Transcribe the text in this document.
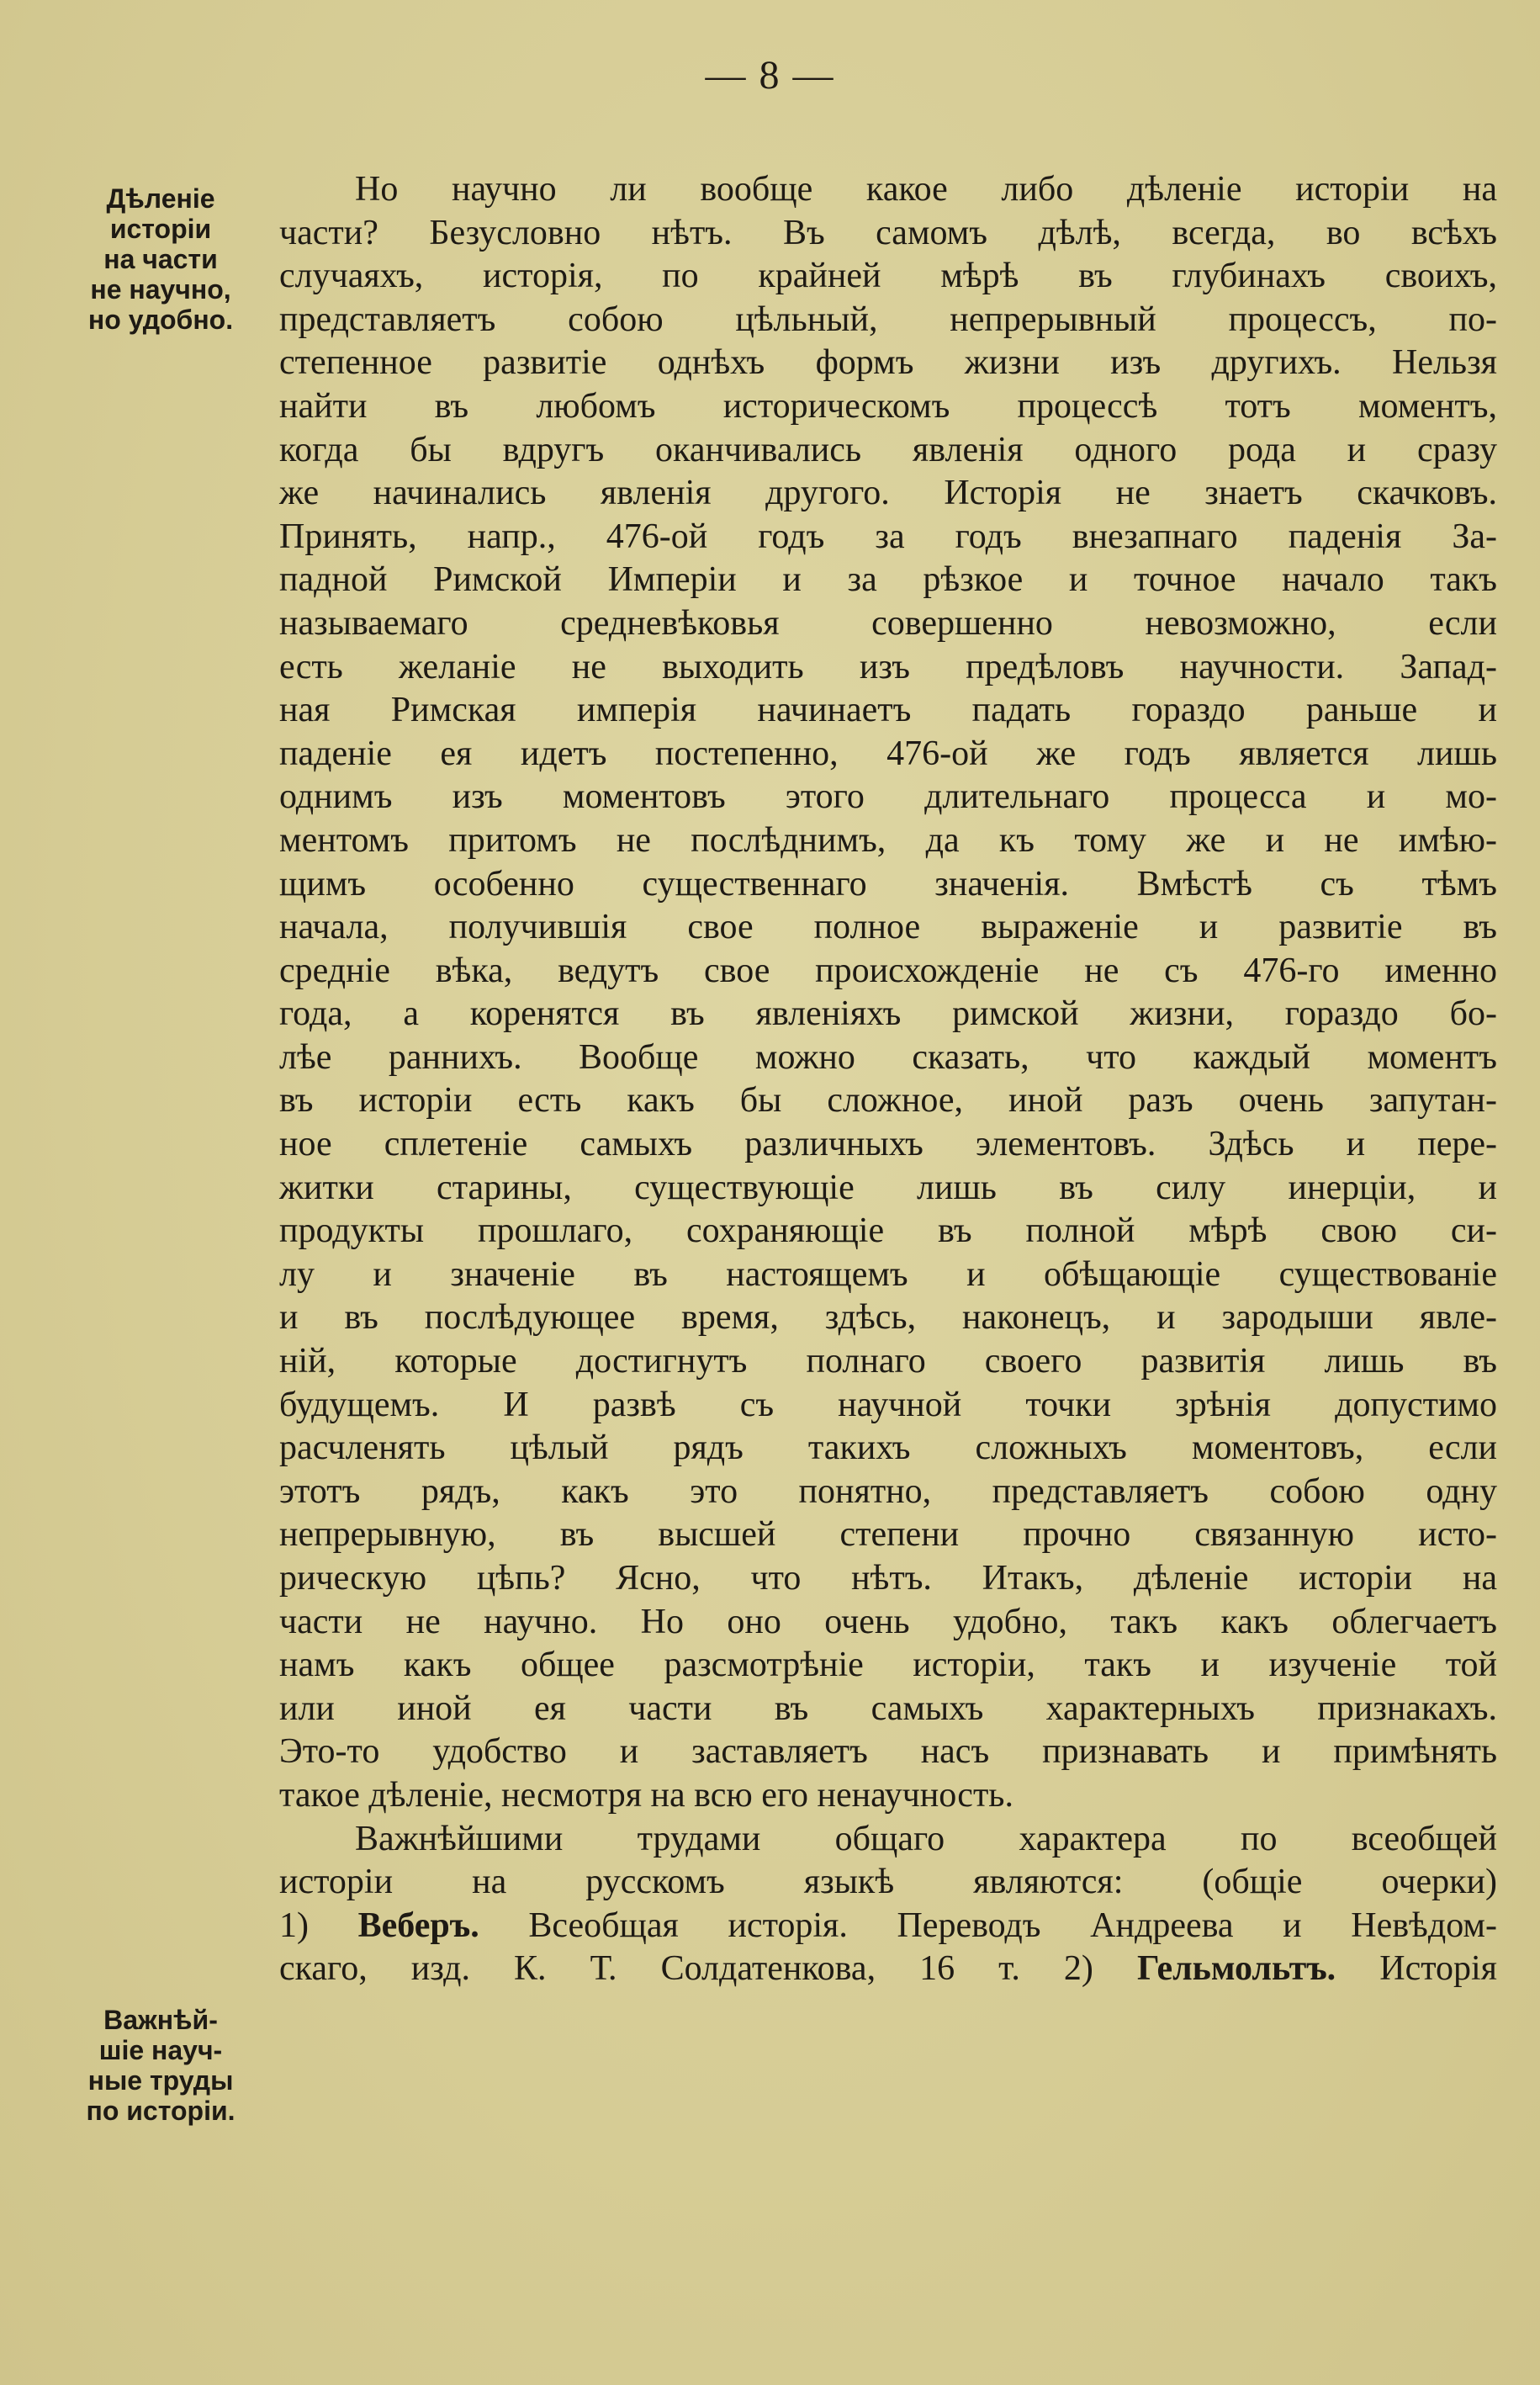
— 8 —
Дѣленіе
исторіи
на части
не научно,
но удобно.
Важнѣй-
шіе науч-
ные труды
по исторіи.
Но научно ли вообще какое либо дѣленіе исторіи на
части? Безусловно нѣтъ. Въ самомъ дѣлѣ, всегда, во всѣхъ
случаяхъ, исторія, по крайней мѣрѣ въ глубинахъ своихъ,
представляетъ собою цѣльный, непрерывный процессъ, по-
степенное развитіе однѣхъ формъ жизни изъ другихъ. Нельзя
найти въ любомъ историческомъ процессѣ тотъ моментъ,
когда бы вдругъ оканчивались явленія одного рода и сразу
же начинались явленія другого. Исторія не знаетъ скачковъ.
Принять, напр., 476-ой годъ за годъ внезапнаго паденія За-
падной Римской Имперіи и за рѣзкое и точное начало такъ
называемаго средневѣковья совершенно невозможно, если
есть желаніе не выходить изъ предѣловъ научности. Запад-
ная Римская имперія начинаетъ падать гораздо раньше и
паденіе ея идетъ постепенно, 476-ой же годъ является лишь
однимъ изъ моментовъ этого длительнаго процесса и мо-
ментомъ притомъ не послѣднимъ, да къ тому же и не имѣю-
щимъ особенно существеннаго значенія. Вмѣстѣ съ тѣмъ
начала, получившія свое полное выраженіе и развитіе въ
средніе вѣка, ведутъ свое происхожденіе не съ 476-го именно
года, а коренятся въ явленіяхъ римской жизни, гораздо бо-
лѣе раннихъ. Вообще можно сказать, что каждый моментъ
въ исторіи есть какъ бы сложное, иной разъ очень запутан-
ное сплетеніе самыхъ различныхъ элементовъ. Здѣсь и пере-
житки старины, существующіе лишь въ силу инерціи, и
продукты прошлаго, сохраняющіе въ полной мѣрѣ свою си-
лу и значеніе въ настоящемъ и обѣщающіе существованіе
и въ послѣдующее время, здѣсь, наконецъ, и зародыши явле-
ній, которые достигнутъ полнаго своего развитія лишь въ
будущемъ. И развѣ съ научной точки зрѣнія допустимо
расчленять цѣлый рядъ такихъ сложныхъ моментовъ, если
этотъ рядъ, какъ это понятно, представляетъ собою одну
непрерывную, въ высшей степени прочно связанную исто-
рическую цѣпь? Ясно, что нѣтъ. Итакъ, дѣленіе исторіи на
части не научно. Но оно очень удобно, такъ какъ облегчаетъ
намъ какъ общее разсмотрѣніе исторіи, такъ и изученіе той
или иной ея части въ самыхъ характерныхъ признакахъ.
Это-то удобство и заставляетъ насъ признавать и примѣнять
такое дѣленіе, несмотря на всю его ненаучность.
Важнѣйшими трудами общаго характера по всеобщей
исторіи на русскомъ языкѣ являются: (общіе очерки)
1) Веберъ. Всеобщая исторія. Переводъ Андреева и Невѣдом-
скаго, изд. К. Т. Солдатенкова, 16 т. 2) Гельмольтъ. Исторія
